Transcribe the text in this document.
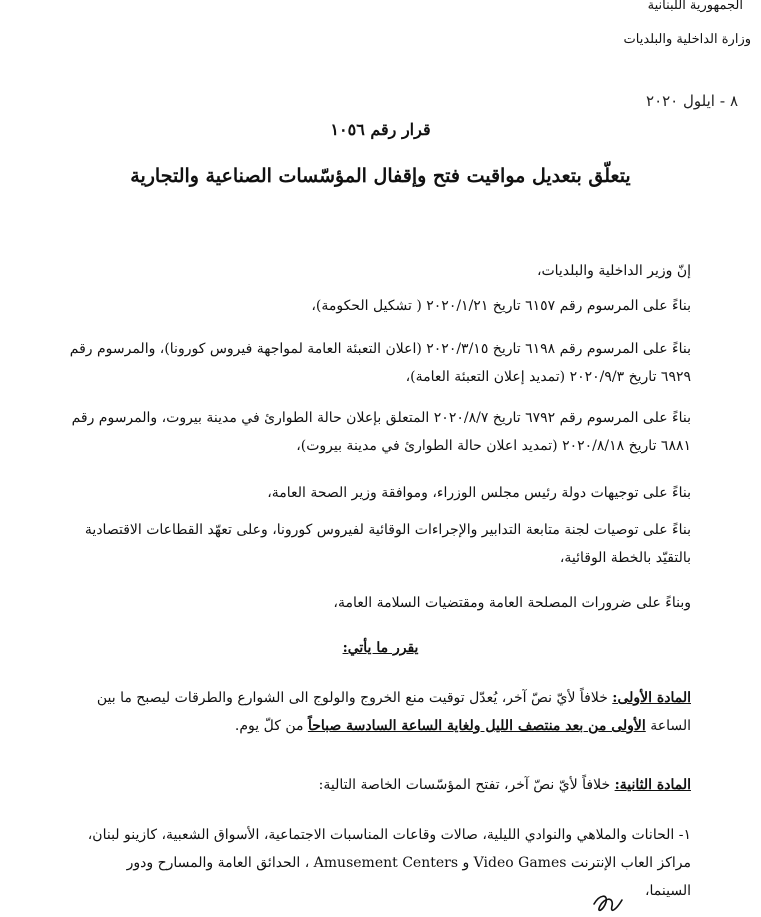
الجمهورية اللبنانية
وزارة الداخلية والبلديات
٨ - ايلول ٢٠٢٠
قرار رقم ١٠٥٦
يتعلّق بتعديل مواقيت فتح وإقفال المؤسّسات الصناعية والتجارية
إنّ وزير الداخلية والبلديات،
بناءً على المرسوم رقم ٦١٥٧ تاريخ ٢٠٢٠/١/٢١ ( تشكيل الحكومة)،
بناءً على المرسوم رقم ٦١٩٨ تاريخ ٢٠٢٠/٣/١٥ (اعلان التعبئة العامة لمواجهة فيروس كورونا)، والمرسوم رقم
٦٩٢٩ تاريخ ٢٠٢٠/٩/٣ (تمديد إعلان التعبئة العامة)،
بناءً على المرسوم رقم ٦٧٩٢ تاريخ ٢٠٢٠/٨/٧ المتعلق بإعلان حالة الطوارئ في مدينة بيروت، والمرسوم رقم
٦٨٨١ تاريخ ٢٠٢٠/٨/١٨ (تمديد اعلان حالة الطوارئ في مدينة بيروت)،
بناءً على توجيهات دولة رئيس مجلس الوزراء، وموافقة وزير الصحة العامة،
بناءً على توصيات لجنة متابعة التدابير والإجراءات الوقائية لفيروس كورونا، وعلى تعهّد القطاعات الاقتصادية
بالتقيّد بالخطة الوقائية،
وبناءً على ضرورات المصلحة العامة ومقتضيات السلامة العامة،
يقرر ما يأتي:
المادة الأولى: خلافاً لأيّ نصّ آخر، يُعدّل توقيت منع الخروج والولوج الى الشوارع والطرقات ليصبح ما بين
الساعة الأولى من بعد منتصف الليل ولغاية الساعة السادسة صباحاً من كلّ يوم.
المادة الثانية: خلافاً لأيّ نصّ آخر، تفتح المؤسّسات الخاصة التالية:
١- الحانات والملاهي والنوادي الليلية، صالات وقاعات المناسبات الاجتماعية، الأسواق الشعبية، كازينو لبنان،
مراكز العاب الإنترنت Video Games و Amusement Centers ، الحدائق العامة والمسارح ودور
السينما،
